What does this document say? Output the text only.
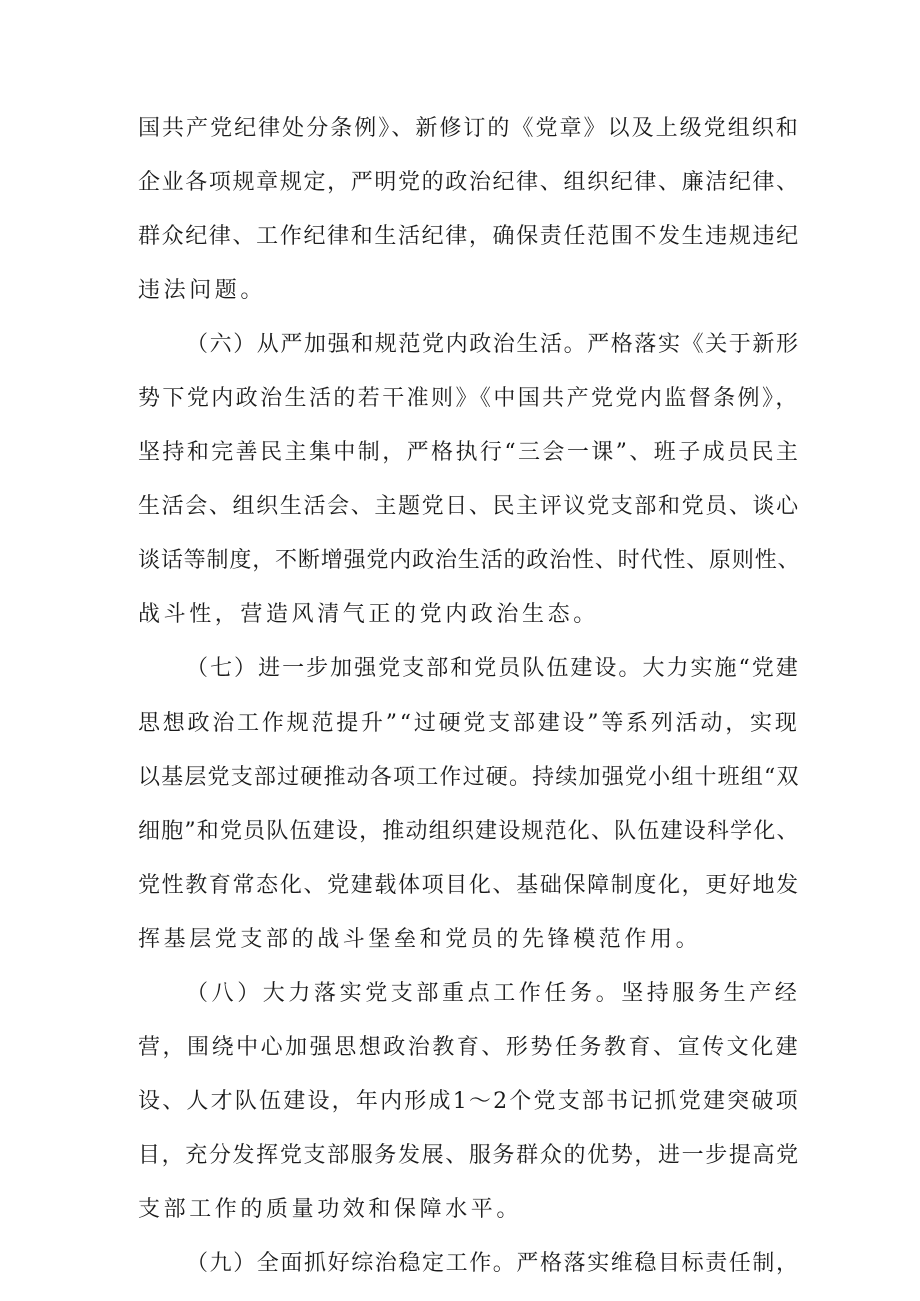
国共产党纪律处分条例》、新修订的《党章》以及上级党组织和
企业各项规章规定，严明党的政治纪律、组织纪律、廉洁纪律、
群众纪律、工作纪律和生活纪律，确保责任范围不发生违规违纪
违法问题。
（六）从严加强和规范党内政治生活。严格落实《关于新形
势下党内政治生活的若干准则》《中国共产党党内监督条例》，
坚持和完善民主集中制，严格执行“三会一课”、班子成员民主
生活会、组织生活会、主题党日、民主评议党支部和党员、谈心
谈话等制度，不断增强党内政治生活的政治性、时代性、原则性、
战斗性，营造风清气正的党内政治生态。
（七）进一步加强党支部和党员队伍建设。大力实施“党建
思想政治工作规范提升”“过硬党支部建设”等系列活动，实现
以基层党支部过硬推动各项工作过硬。持续加强党小组十班组“双
细胞”和党员队伍建设，推动组织建设规范化、队伍建设科学化、
党性教育常态化、党建载体项目化、基础保障制度化，更好地发
挥基层党支部的战斗堡垒和党员的先锋模范作用。
（八）大力落实党支部重点工作任务。坚持服务生产经
营，围绕中心加强思想政治教育、形势任务教育、宣传文化建
设、人才队伍建设，年内形成1〜2个党支部书记抓党建突破项
目，充分发挥党支部服务发展、服务群众的优势，进一步提高党
支部工作的质量功效和保障水平。
（九）全面抓好综治稳定工作。严格落实维稳目标责任制，
